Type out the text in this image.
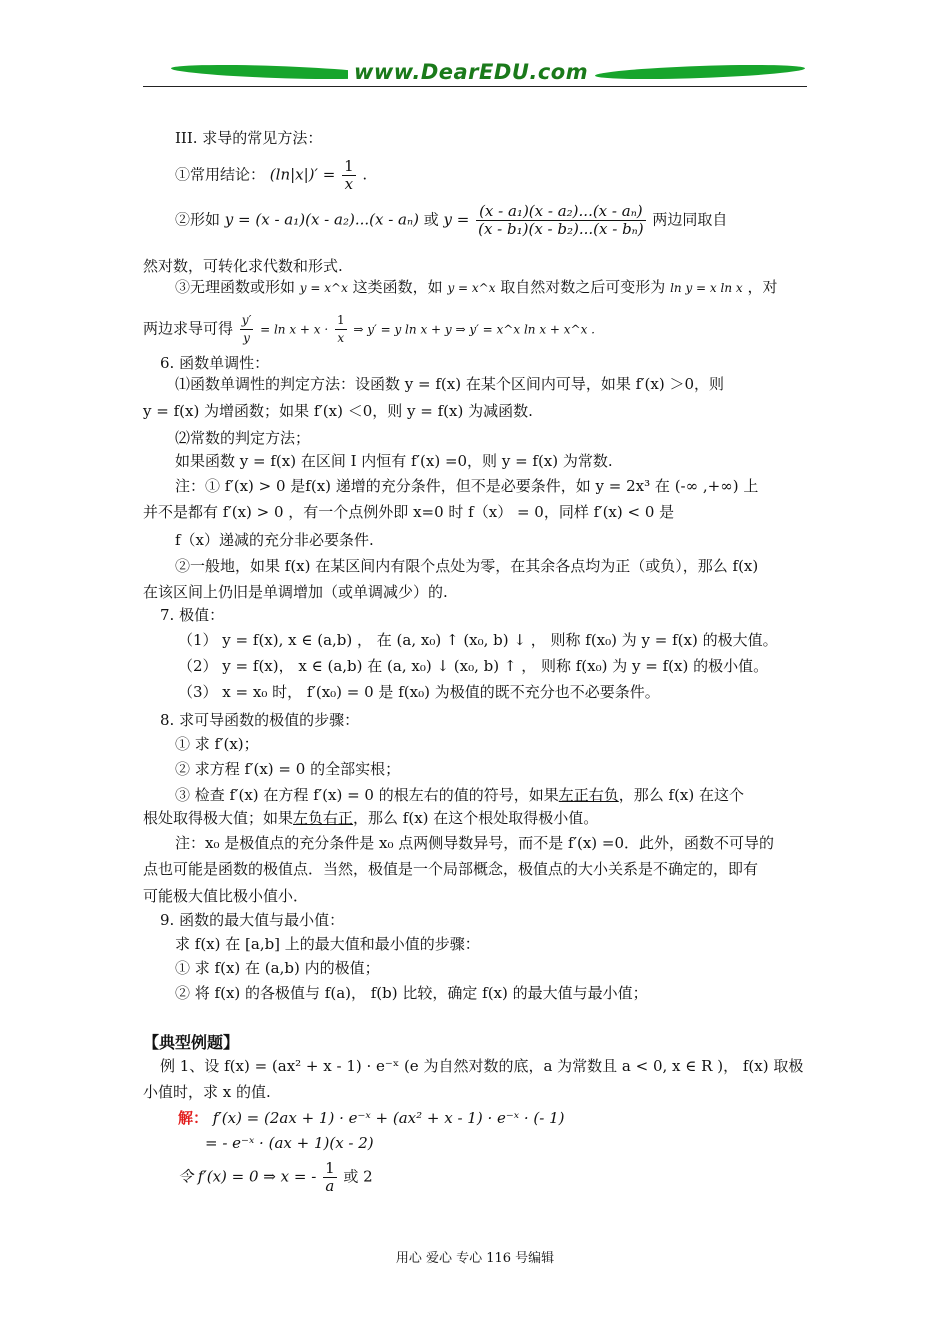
www.DearEDU.com
III. 求导的常见方法：
①常用结论： $(\ln|x|)' = \frac{1}{x}$ .
②形如 y = (x - a₁)(x - a₂)...(x - aₙ) 或 $y = \frac{\text{(x - a₁)(x - a₂)...(x - aₙ)}}{\text{(x - b₁)(x - b₂)...(x - bₙ)}}$ 两边同取自
然对数，可转化求代数和形式.
③无理函数或形如 y = x^x 这类函数，如 y = x^x 取自然对数之后可变形为 ln y = x ln x ，对
两边求导可得 $\frac{y'}{y} = \ln x + x \cdot \frac{1}{x}$ ⇒ y′ = y ln x + y ⇒ y′ = x^x ln x + x^x .
6. 函数单调性：
⑴函数单调性的判定方法：设函数 y = f(x) 在某个区间内可导，如果 f′(x) ＞0，则
y = f(x) 为增函数；如果 f′(x) ＜0，则 y = f(x) 为减函数.
⑵常数的判定方法；
如果函数 y = f(x) 在区间 I 内恒有 f′(x) =0，则 y = f(x) 为常数.
注：① f′(x) > 0 是f(x) 递增的充分条件，但不是必要条件，如 y = 2x³ 在 (-∞ ,+∞) 上
并不是都有 f′(x) > 0 ，有一个点例外即 x=0 时 f（x） = 0，同样 f′(x) < 0 是
f（x）递减的充分非必要条件.
②一般地，如果 f(x) 在某区间内有限个点处为零，在其余各点均为正（或负），那么 f(x)
在该区间上仍旧是单调增加（或单调减少）的.
7. 极值：
（1） y = f(x), x ∈ (a,b) ， 在 (a, x₀) ↑ (x₀, b) ↓ ， 则称 f(x₀) 为 y = f(x) 的极大值。
（2） y = f(x)， x ∈ (a,b) 在 (a, x₀) ↓ (x₀, b) ↑ ， 则称 f(x₀) 为 y = f(x) 的极小值。
（3） x = x₀ 时， f′(x₀) = 0 是 f(x₀) 为极值的既不充分也不必要条件。
8. 求可导函数的极值的步骤：
① 求 f′(x)；
② 求方程 f′(x) = 0 的全部实根；
③ 检查 f′(x) 在方程 f′(x) = 0 的根左右的值的符号，如果左正右负，那么 f(x) 在这个
根处取得极大值；如果左负右正，那么 f(x) 在这个根处取得极小值。
注：x₀ 是极值点的充分条件是 x₀ 点两侧导数异号，而不是 f′(x) =0．此外，函数不可导的
点也可能是函数的极值点．当然，极值是一个局部概念，极值点的大小关系是不确定的，即有
可能极大值比极小值小．
9. 函数的最大值与最小值：
求 f(x) 在 [a,b] 上的最大值和最小值的步骤：
① 求 f(x) 在 (a,b) 内的极值；
② 将 f(x) 的各极值与 f(a)， f(b) 比较，确定 f(x) 的最大值与最小值；
【典型例题】
例 1、设 f(x) = (ax² + x - 1) · e⁻ˣ (e 为自然对数的底，a 为常数且 a < 0, x ∈ R )， f(x) 取极
小值时，求 x 的值.
解： f′(x) = (2ax + 1) · e⁻ˣ + (ax² + x - 1) · e⁻ˣ · (- 1)
= - e⁻ˣ · (ax + 1)(x - 2)
令 f′(x) = 0 ⇒ x = - $\frac{1}{a}$ 或 2
用心 爱心 专心 116 号编辑
